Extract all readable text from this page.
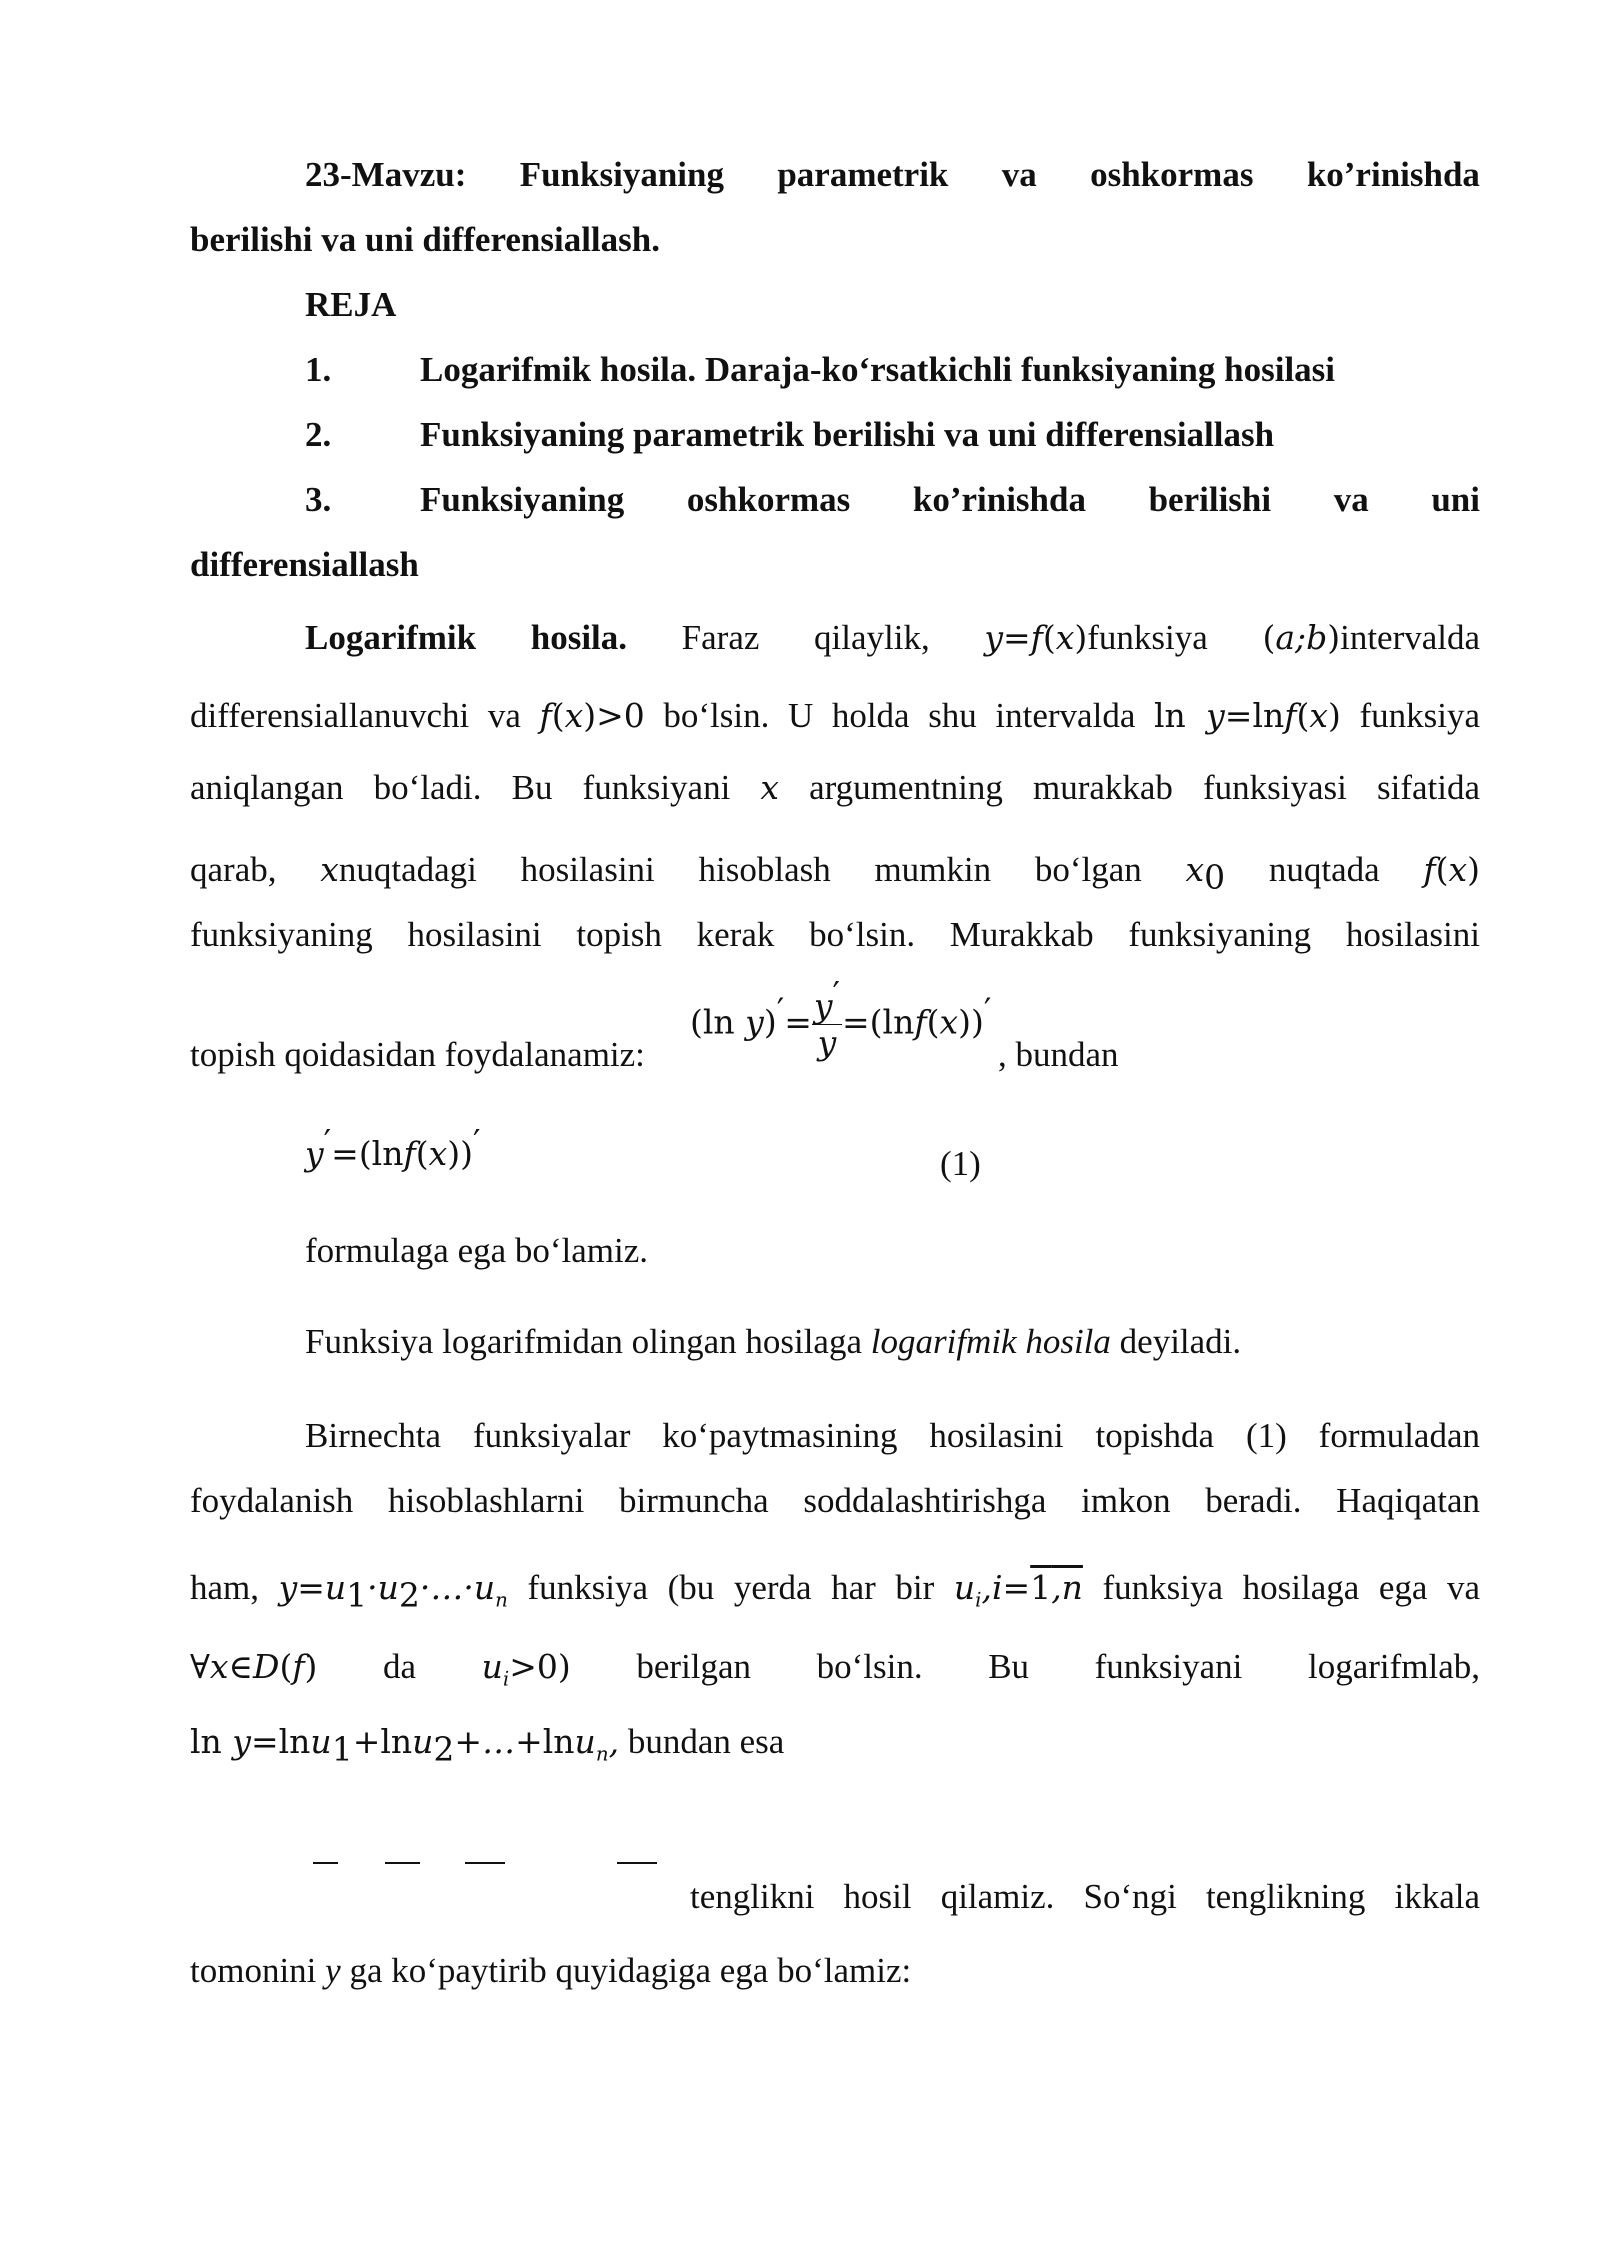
23-Mavzu: Funksiyaning parametrik va oshkormas ko’rinishda
berilishi va uni differensiallash.
REJA
1.	Logarifmik hosila. Daraja-ko‘rsatkichli funksiyaning hosilasi
2.	Funksiyaning parametrik berilishi va uni differensiallash
3.	Funksiyaning oshkormas ko’rinishda berilishi va uni
differensiallash
Logarifmik hosila. Faraz qilaylik, y=f(x)funksiya (a;b)intervalda
differensiallanuvchi va f(x)>0 bo‘lsin. U holda shu intervalda ln y=lnf(x) funksiya
aniqlangan bo‘ladi. Bu funksiyani x argumentning murakkab funksiyasi sifatida
qarab, xnuqtadagi hosilasini hisoblash mumkin bo‘lgan $x_0$ nuqtada f(x)
funksiyaning hosilasini topish kerak bo‘lsin. Murakkab funksiyaning hosilasini
topish qoidasidan foydalanamiz:
(ln $y)'= \frac{y'}{y} =(\ln f(x))'$
, bundan
y′=(lnf(x))′
(1)
formulaga ega bo‘lamiz.
Funksiya logarifmidan olingan hosilaga logarifmik hosila deyiladi.
Birnechta funksiyalar ko‘paytmasining hosilasini topishda (1) formuladan
foydalanish hisoblashlarni birmuncha soddalashtirishga imkon beradi. Haqiqatan
ham, $y=u_1\cdot u_2\cdot\dots\cdot u_n$ funksiya (bu yerda har bir $u_i,i=1,n$ funksiya hosilaga ega va
∀x∈D(f) da $u_i>0$) berilgan bo‘lsin. Bu funksiyani logarifmlab,
ln y=lnu$_1$+lnu$_2$+…+lnu$_n$, bundan esa
tenglikni hosil qilamiz. So‘ngi tenglikning ikkala
tomonini y ga ko‘paytirib quyidagiga ega bo‘lamiz:
